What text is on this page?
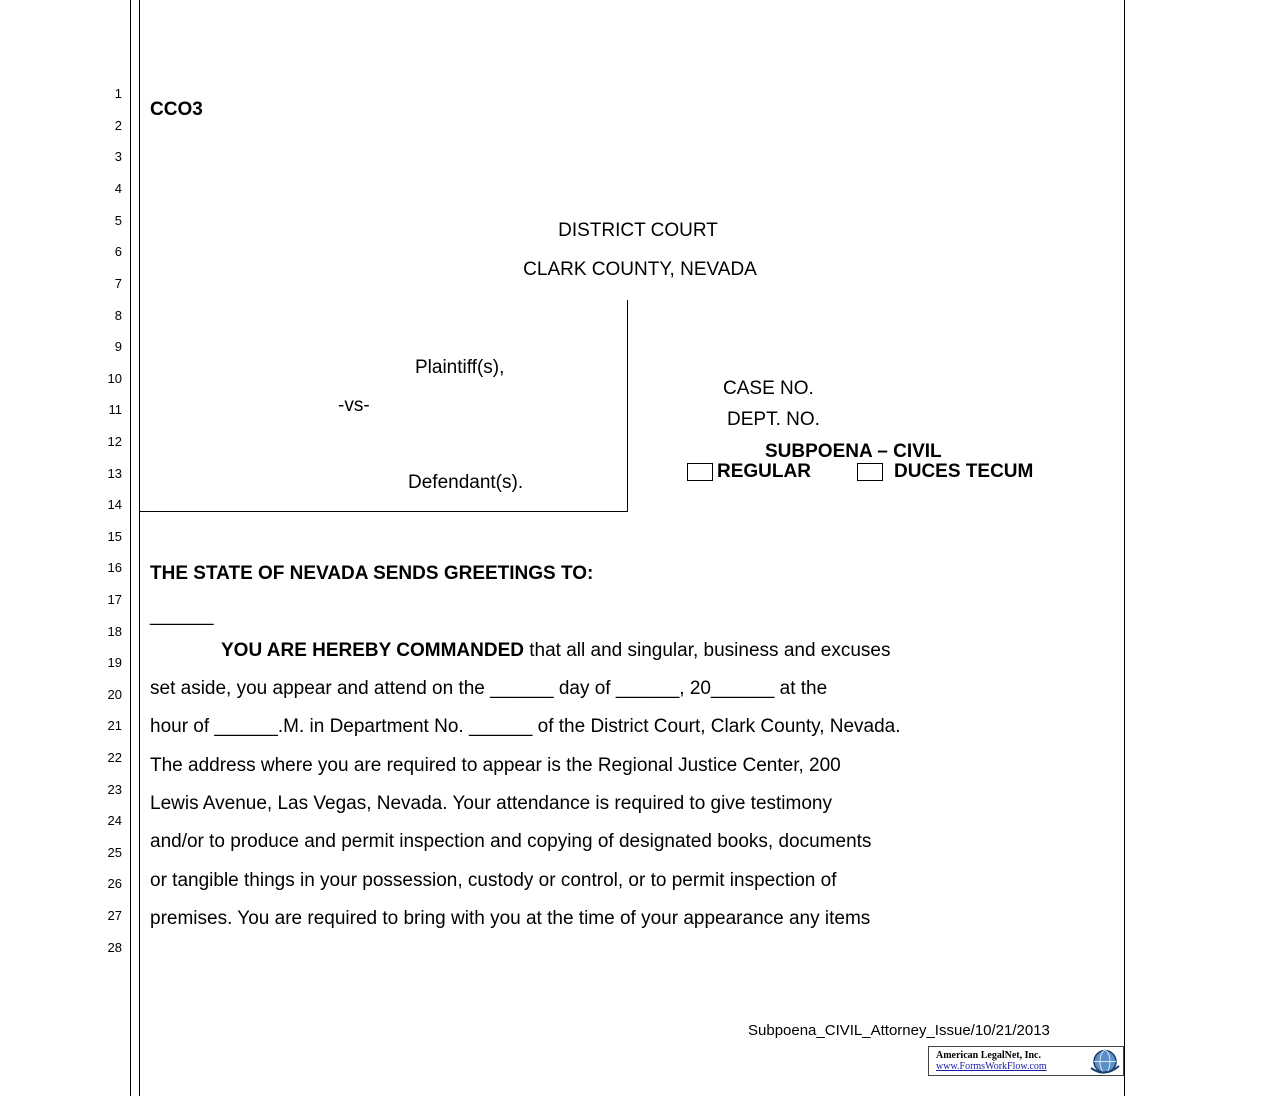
1
2
3
4
5
6
7
8
9
10
11
12
13
14
15
16
17
18
19
20
21
22
23
24
25
26
27
28
CCO3
DISTRICT COURT
CLARK COUNTY, NEVADA
Plaintiff(s),
-vs-
Defendant(s).
CASE NO.
DEPT. NO.
SUBPOENA – CIVIL
REGULAR	DUCES TECUM
THE STATE OF NEVADA SENDS GREETINGS TO:
______
YOU ARE HEREBY COMMANDED that all and singular, business and excuses
set aside, you appear and attend on the ______ day of ______, 20______ at the
hour of ______.M. in Department No. ______ of the District Court, Clark County, Nevada.
The address where you are required to appear is the Regional Justice Center, 200
Lewis Avenue, Las Vegas, Nevada. Your attendance is required to give testimony
and/or to produce and permit inspection and copying of designated books, documents
or tangible things in your possession, custody or control, or to permit inspection of
premises. You are required to bring with you at the time of your appearance any items
Subpoena_CIVIL_Attorney_Issue/10/21/2013
American LegalNet, Inc.
www.FormsWorkFlow.com
